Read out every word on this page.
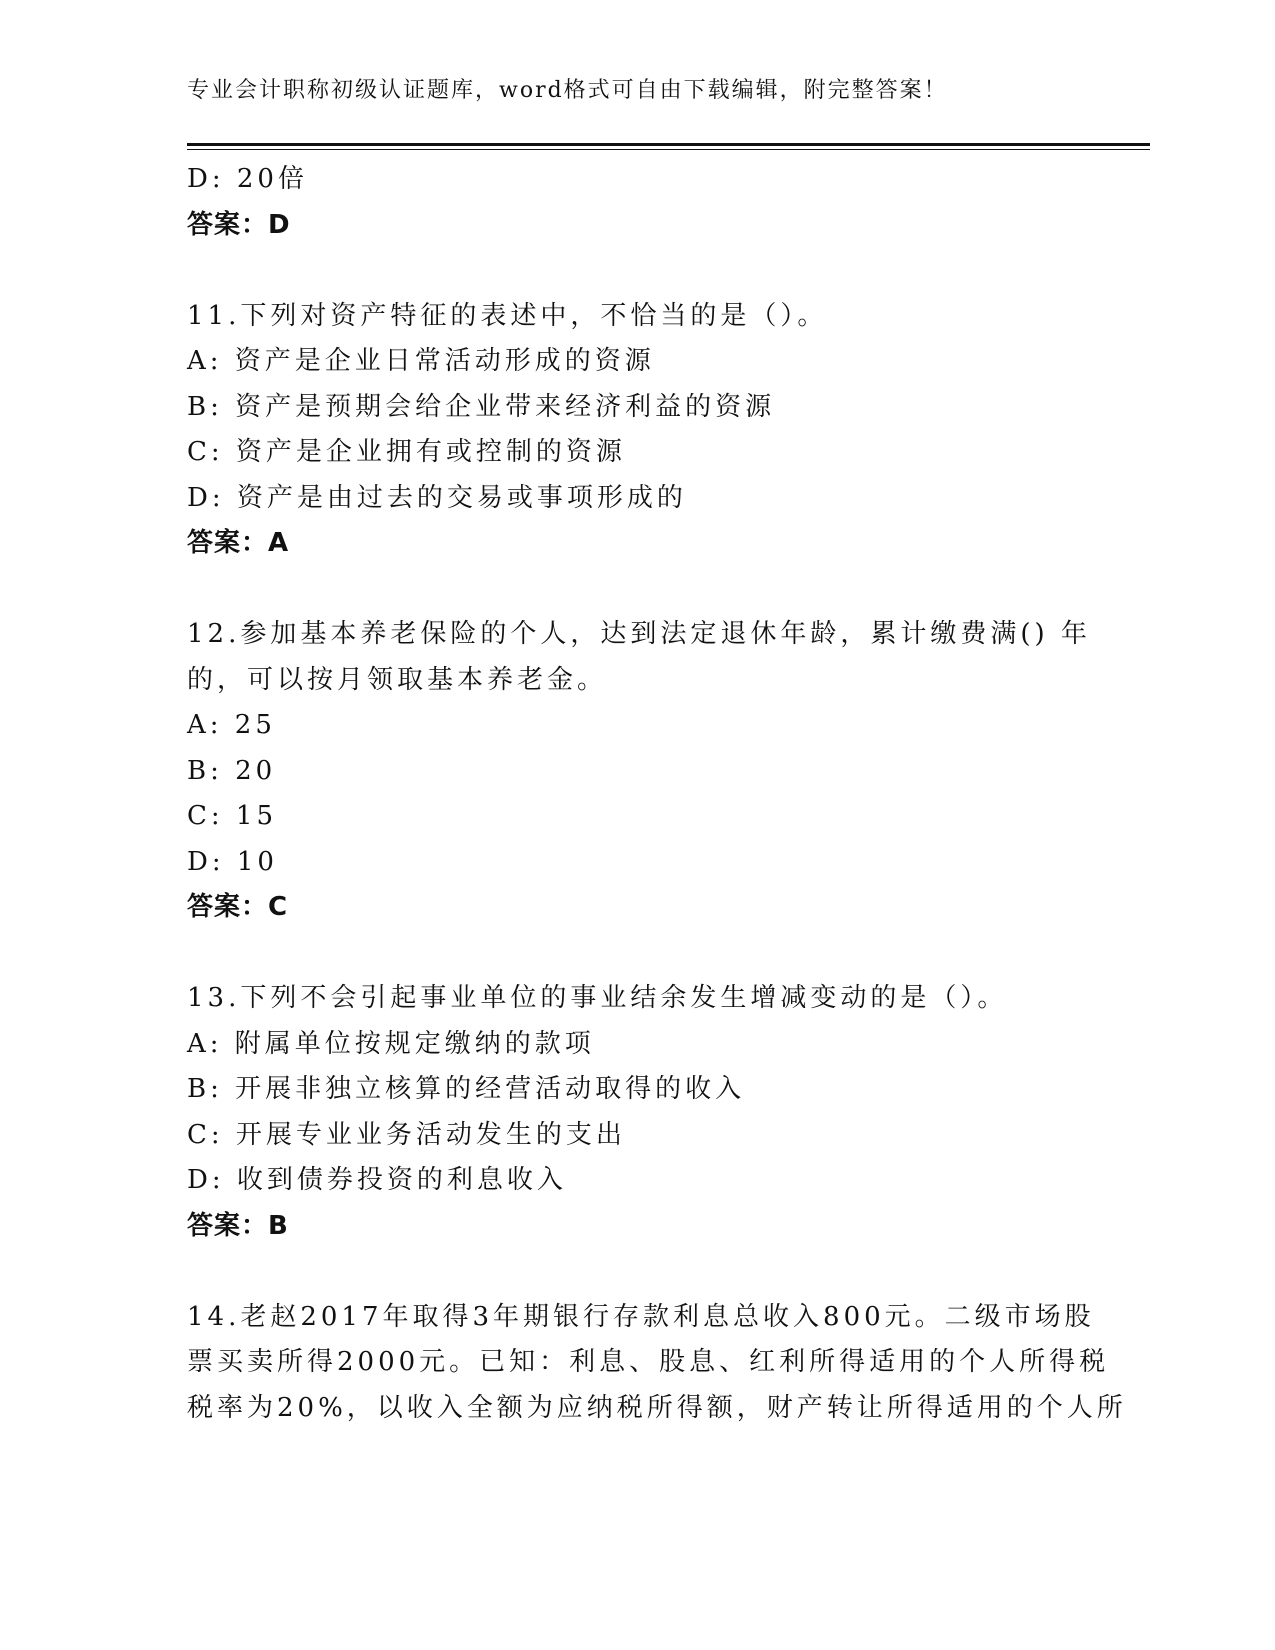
专业会计职称初级认证题库，word格式可自由下载编辑，附完整答案！
D: 20倍
答案：D
11.下列对资产特征的表述中，不恰当的是（）。
A: 资产是企业日常活动形成的资源
B: 资产是预期会给企业带来经济利益的资源
C: 资产是企业拥有或控制的资源
D: 资产是由过去的交易或事项形成的
答案：A
12.参加基本养老保险的个人，达到法定退休年龄，累计缴费满() 年
的，可以按月领取基本养老金。
A: 25
B: 20
C: 15
D: 10
答案：C
13.下列不会引起事业单位的事业结余发生增减变动的是（）。
A: 附属单位按规定缴纳的款项
B: 开展非独立核算的经营活动取得的收入
C: 开展专业业务活动发生的支出
D: 收到债券投资的利息收入
答案：B
14.老赵2017年取得3年期银行存款利息总收入800元。二级市场股
票买卖所得2000元。已知：利息、股息、红利所得适用的个人所得税
税率为20%，以收入全额为应纳税所得额，财产转让所得适用的个人所
